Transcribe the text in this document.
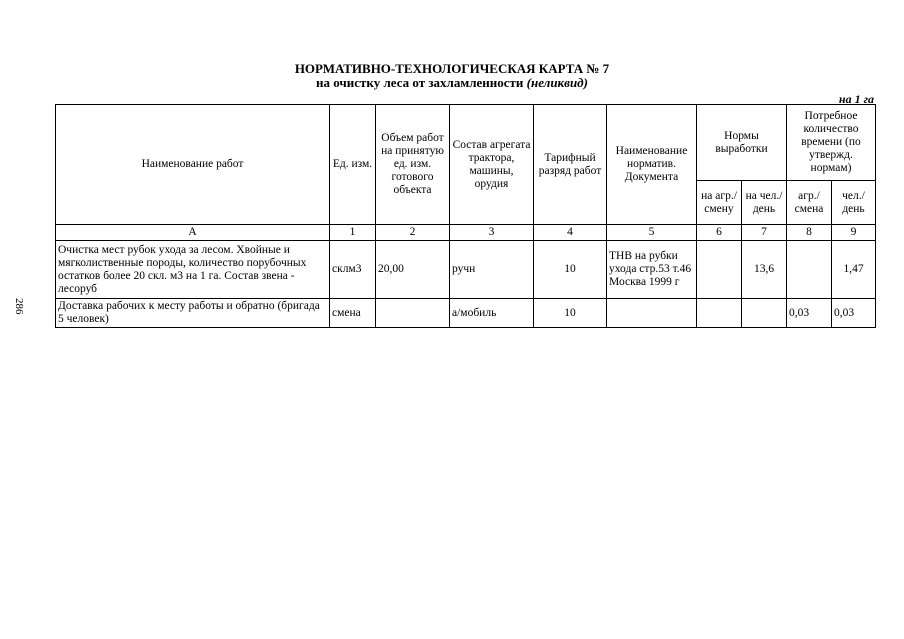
НОРМАТИВНО-ТЕХНОЛОГИЧЕСКАЯ КАРТА № 7
на очистку леса от захламленности (неликвид)
на 1 га
286
Наименование работ	Ед. изм.	Объем работ на принятую ед. изм. готового объекта	Состав агрегата трактора, машины, орудия	Тарифный разряд работ	Наименование норматив. Документа	Нормы выработки		Потребное количество времени (по утвержд. нормам)	
						на агр./ смену	на чел./ день	агр./ смена	чел./ день
А	1	2	3	4	5	6	7	8	9
Очистка мест рубок ухода за лесом. Хвойные и мягколиственные породы, количество порубочных остатков более 20 скл. м3 на 1 га. Состав звена - лесоруб	склм3	20,00	ручн	10	ТНВ на рубки ухода стр.53 т.46 Москва 1999 г		13,6		1,47
Доставка рабочих к месту работы и обратно (бригада 5 человек)	смена		а/мобиль	10				0,03	0,03
